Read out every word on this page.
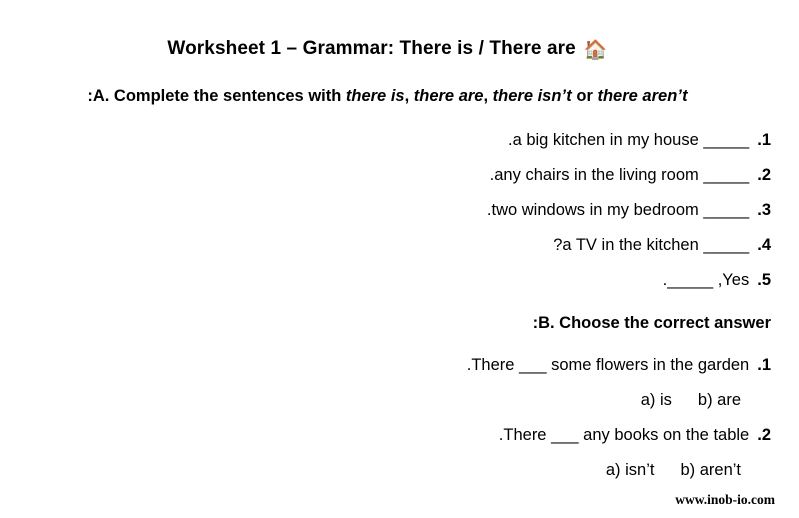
Worksheet 1 – Grammar: There is / There are 🏠
:A. Complete the sentences with there is, there are, there isn’t or there aren’t
.a big kitchen in my house _____ .1
.any chairs in the living room _____ .2
.two windows in my bedroom _____ .3
?a TV in the kitchen _____ .4
._____ ,Yes .5
:B. Choose the correct answer
.There ___ some flowers in the garden .1
a) is b) are
.There ___ any books on the table .2
a) isn’t b) aren’t
www.inob-io.com
